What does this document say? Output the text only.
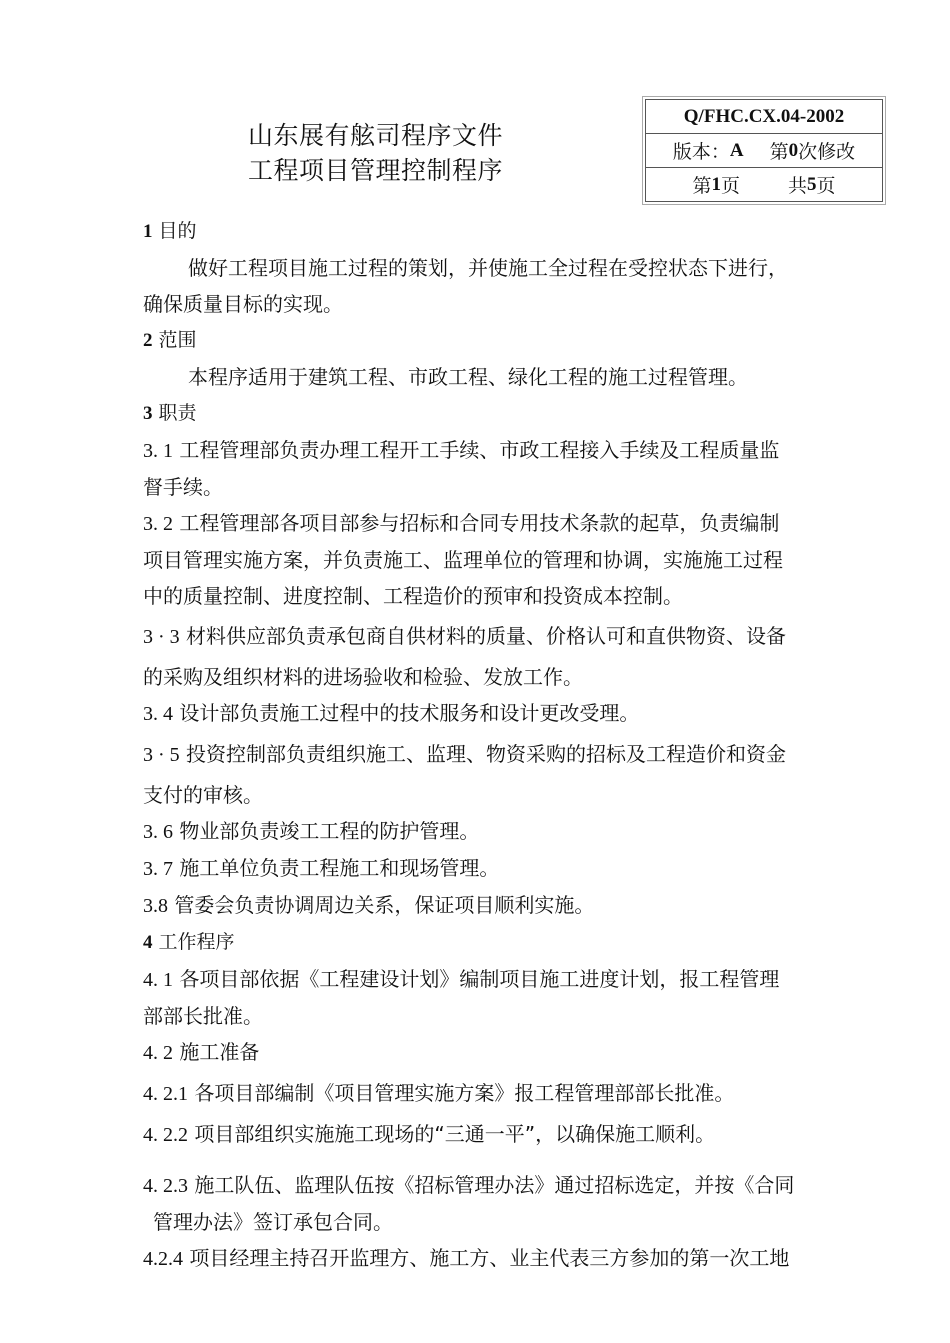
山东展有舷司程序文件
工程项目管理控制程序
Q/FHC.CX.04-2002
版本： A 第 0 次修改
第 1 页	共 5 页
1 目的
做好工程项目施工过程的策划，并使施工全过程在受控状态下进行，
确保质量目标的实现。
2 范围
本程序适用于建筑工程、市政工程、绿化工程的施工过程管理。
3 职责
3. 1 工程管理部负责办理工程开工手续、市政工程接入手续及工程质量监
督手续。
3. 2 工程管理部各项目部参与招标和合同专用技术条款的起草，负责编制
项目管理实施方案，并负责施工、监理单位的管理和协调，实施施工过程
中的质量控制、进度控制、工程造价的预审和投资成本控制。
3 · 3 材料供应部负责承包商自供材料的质量、价格认可和直供物资、设备
的采购及组织材料的进场验收和检验、发放工作。
3. 4 设计部负责施工过程中的技术服务和设计更改受理。
3 · 5 投资控制部负责组织施工、监理、物资采购的招标及工程造价和资金
支付的审核。
3. 6 物业部负责竣工工程的防护管理。
3. 7 施工单位负责工程施工和现场管理。
3.8 管委会负责协调周边关系，保证项目顺利实施。
4 工作程序
4. 1 各项目部依据《工程建设计划》编制项目施工进度计划，报工程管理
部部长批准。
4. 2 施工准备
4. 2.1 各项目部编制《项目管理实施方案》报工程管理部部长批准。
4. 2.2 项目部组织实施施工现场的“三通一平”，以确保施工顺利。
4. 2.3 施工队伍、监理队伍按《招标管理办法》通过招标选定，并按《合同
管理办法》签订承包合同。
4.2.4 项目经理主持召开监理方、施工方、业主代表三方参加的第一次工地
